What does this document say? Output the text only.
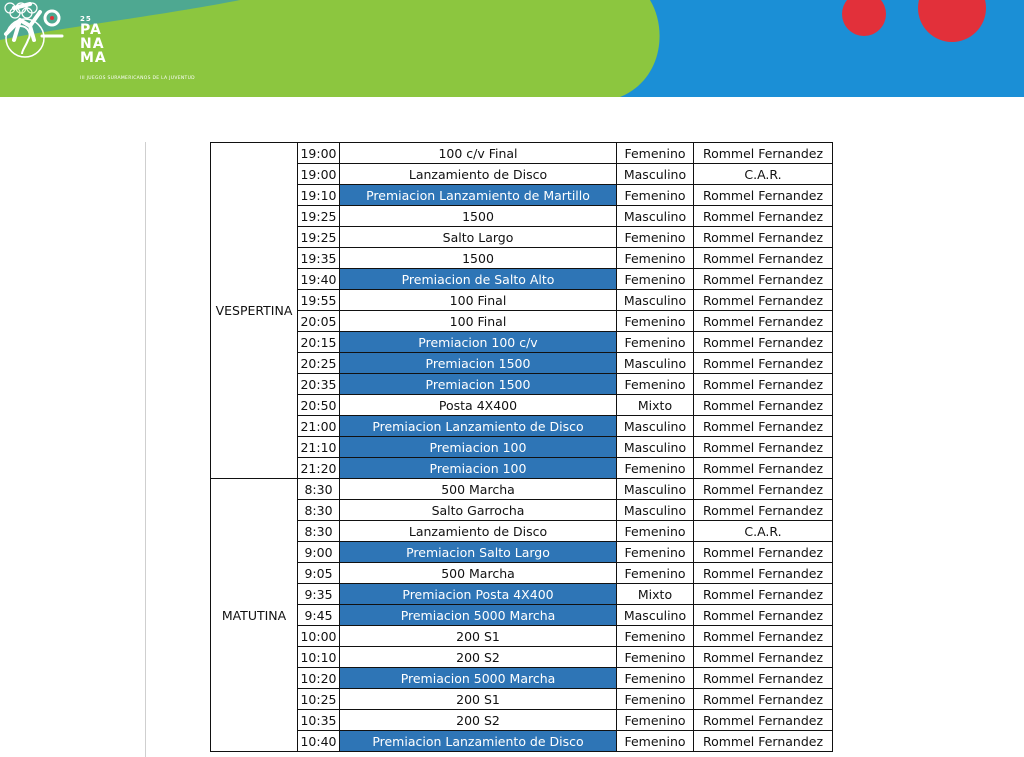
25
PA NA MA
III JUEGOS SURAMERICANOS DE LA JUVENTUD
VESPERTINA	19:00	100 c/v Final	Femenino	Rommel Fernandez
	19:00	Lanzamiento de Disco	Masculino	C.A.R.
	19:10	Premiacion Lanzamiento de Martillo	Femenino	Rommel Fernandez
	19:25	1500	Masculino	Rommel Fernandez
	19:25	Salto Largo	Femenino	Rommel Fernandez
	19:35	1500	Femenino	Rommel Fernandez
	19:40	Premiacion de Salto Alto	Femenino	Rommel Fernandez
	19:55	100 Final	Masculino	Rommel Fernandez
	20:05	100 Final	Femenino	Rommel Fernandez
	20:15	Premiacion 100 c/v	Femenino	Rommel Fernandez
	20:25	Premiacion 1500	Masculino	Rommel Fernandez
	20:35	Premiacion 1500	Femenino	Rommel Fernandez
	20:50	Posta 4X400	Mixto	Rommel Fernandez
	21:00	Premiacion Lanzamiento de Disco	Masculino	Rommel Fernandez
	21:10	Premiacion 100	Masculino	Rommel Fernandez
	21:20	Premiacion 100	Femenino	Rommel Fernandez
MATUTINA	8:30	500 Marcha	Masculino	Rommel Fernandez
	8:30	Salto Garrocha	Masculino	Rommel Fernandez
	8:30	Lanzamiento de Disco	Femenino	C.A.R.
	9:00	Premiacion Salto Largo	Femenino	Rommel Fernandez
	9:05	500 Marcha	Femenino	Rommel Fernandez
	9:35	Premiacion Posta 4X400	Mixto	Rommel Fernandez
	9:45	Premiacion 5000 Marcha	Masculino	Rommel Fernandez
	10:00	200 S1	Femenino	Rommel Fernandez
	10:10	200 S2	Femenino	Rommel Fernandez
	10:20	Premiacion 5000 Marcha	Femenino	Rommel Fernandez
	10:25	200 S1	Femenino	Rommel Fernandez
	10:35	200 S2	Femenino	Rommel Fernandez
	10:40	Premiacion Lanzamiento de Disco	Femenino	Rommel Fernandez
